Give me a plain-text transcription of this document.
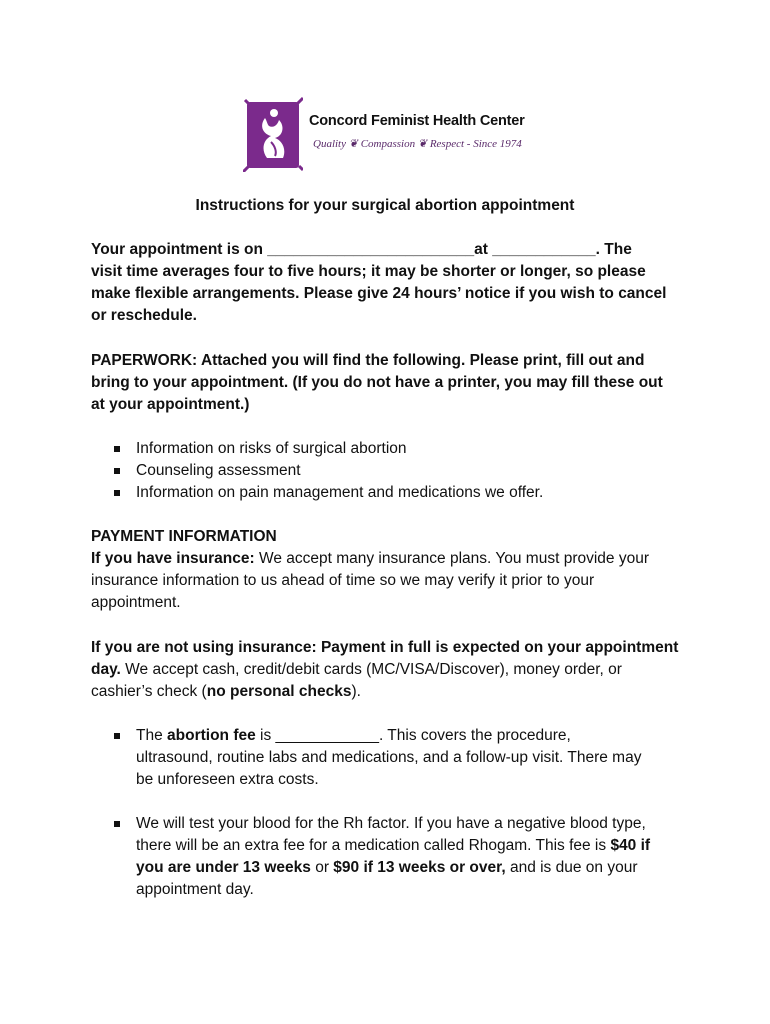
Concord Feminist Health Center
Quality ❦ Compassion ❦ Respect - Since 1974
Instructions for your surgical abortion appointment
Your appointment is on ________________________at ____________. The
visit time averages four to five hours; it may be shorter or longer, so please
make flexible arrangements. Please give 24 hours’ notice if you wish to cancel
or reschedule.
PAPERWORK: Attached you will find the following. Please print, fill out and
bring to your appointment. (If you do not have a printer, you may fill these out
at your appointment.)
Information on risks of surgical abortion
Counseling assessment
Information on pain management and medications we offer.
PAYMENT INFORMATION
If you have insurance: We accept many insurance plans. You must provide your
insurance information to us ahead of time so we may verify it prior to your
appointment.
If you are not using insurance: Payment in full is expected on your appointment
day. We accept cash, credit/debit cards (MC/VISA/Discover), money order, or
cashier’s check (no personal checks).
The abortion fee is ____________. This covers the procedure,
ultrasound, routine labs and medications, and a follow-up visit. There may
be unforeseen extra costs.
We will test your blood for the Rh factor. If you have a negative blood type,
there will be an extra fee for a medication called Rhogam. This fee is $40 if
you are under 13 weeks or $90 if 13 weeks or over, and is due on your
appointment day.
